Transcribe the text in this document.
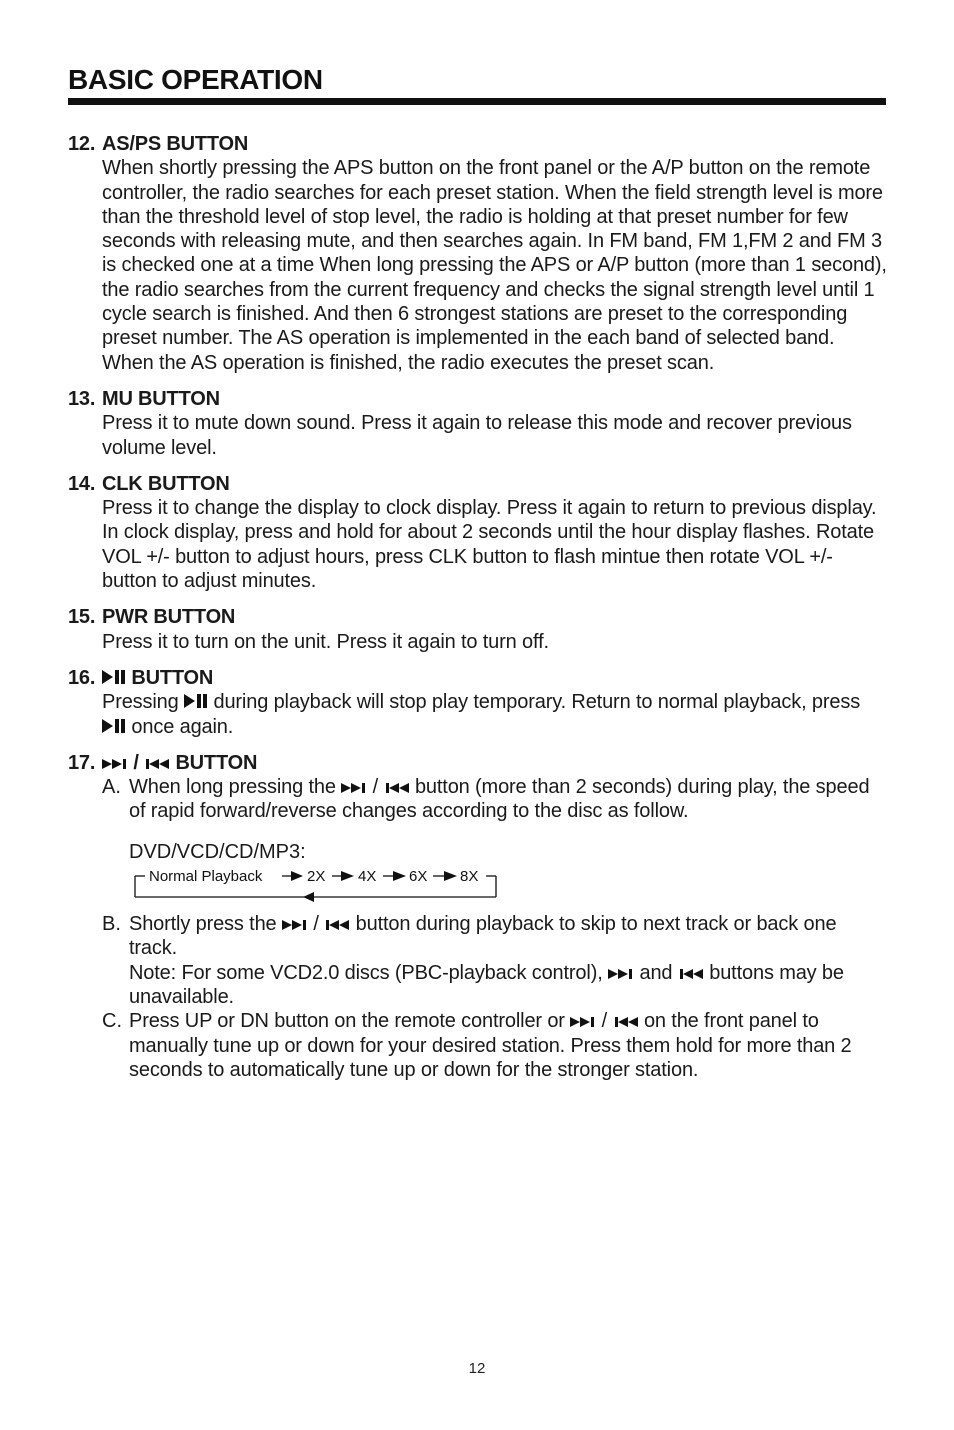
BASIC OPERATION
12. AS/PS BUTTON
When shortly pressing the APS button on the front panel or the A/P button on the remote controller, the radio searches for each preset station. When the field strength level is more than the threshold level of stop level, the radio is holding at that preset number for few seconds with releasing mute, and then searches again. In FM band, FM 1,FM 2 and FM 3 is checked one at a time When long pressing the APS or A/P button (more than 1 second), the radio searches from the current frequency and checks the signal strength level until 1 cycle search is finished. And then 6 strongest stations are preset to the corresponding preset number. The AS operation is implemented in the each band of selected band. When the AS operation is finished, the radio executes the preset scan.
13. MU BUTTON
Press it to mute down sound. Press it again to release this mode and recover previous volume level.
14. CLK BUTTON
Press it to change the display to clock display. Press it again to return to previous display. In clock display, press and hold for about 2 seconds until the hour display flashes. Rotate VOL +/- button to adjust hours, press CLK button to flash mintue then rotate VOL +/- button to adjust minutes.
15. PWR BUTTON
Press it to turn on the unit. Press it again to turn off.
16.	BUTTON
Pressing during playback will stop play temporary. Return to normal playback, press  once again.
17.	/ BUTTON
A. When long pressing the / button (more than 2 seconds) during play, the speed of rapid forward/reverse changes according to the disc as follow.
DVD/VCD/CD/MP3:
Normal Playback	2X 4X 6X 8X
B. Shortly press the / button during playback to skip to next track or back one track.
Note: For some VCD2.0 discs (PBC-playback control), and buttons may be unavailable.
C. Press UP or DN button on the remote controller or / on the front panel to manually tune up or down for your desired station. Press them hold for more than 2 seconds to automatically tune up or down for the stronger station.
12
